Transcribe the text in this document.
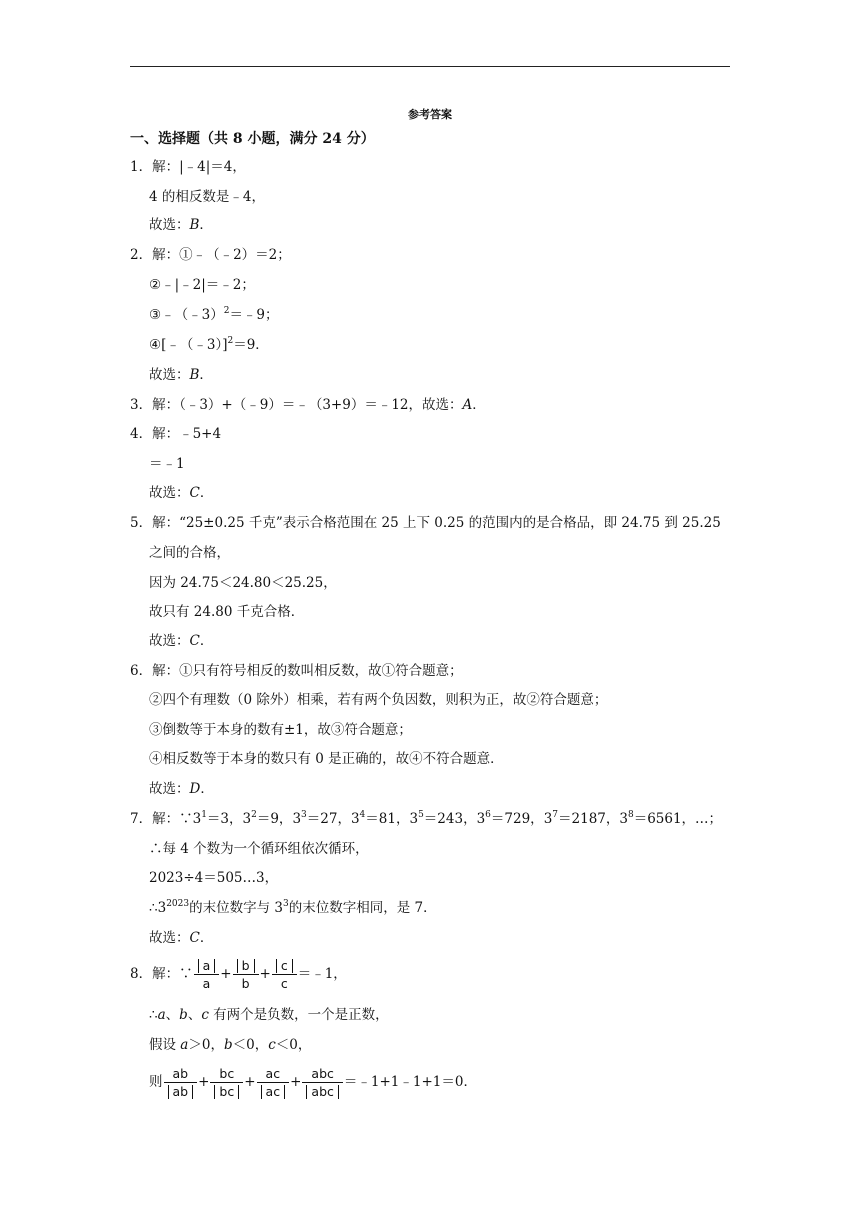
参考答案
一、选择题（共 8 小题，满分 24 分）
1．解：|﹣4|＝4，
4 的相反数是﹣4，
故选：B．
2．解：①﹣（﹣2）＝2；
②﹣|﹣2|＝﹣2；
③﹣（﹣3）$^2$＝﹣9；
④[﹣（﹣3）]$^2$＝9．
故选：B．
3．解：（﹣3）+（﹣9）＝﹣（3+9）＝﹣12，故选：A．
4．解：﹣5+4
＝﹣1
故选：C．
5．解：“25±0.25 千克”表示合格范围在 25 上下 0.25 的范围内的是合格品，即 24.75 到 25.25
之间的合格，
因为 24.75＜24.80＜25.25，
故只有 24.80 千克合格．
故选：C．
6．解：①只有符号相反的数叫相反数，故①符合题意；
②四个有理数（0 除外）相乘，若有两个负因数，则积为正，故②符合题意；
③倒数等于本身的数有±1，故③符合题意；
④相反数等于本身的数只有 0 是正确的，故④不符合题意．
故选：D．
7．解：$\because 3^1=3$，$3^2=9$，$3^3=27$，$3^4=81$，$3^5=243$，$3^6=729$，$3^7=2187$，$3^8=6561$，…；
∴每 4 个数为一个循环组依次循环，
2023÷4＝505…3，
$\therefore 3^{2023}$的末位数字与 $3^3$的末位数字相同，是 7．
故选：C．
8．解：∵ $\frac{a}{a} + \frac{b}{b} + \frac{c}{c}$ ＝﹣1，
∴a、b、c 有两个是负数，一个是正数，
假设 a＞0，b＜0，c＜0，
则 $\frac{ab}{ab} + \frac{bc}{bc} + \frac{ac}{ac} + \frac{\text{abc}}{\text{abc}}$ ＝﹣1+1﹣1+1＝0．
